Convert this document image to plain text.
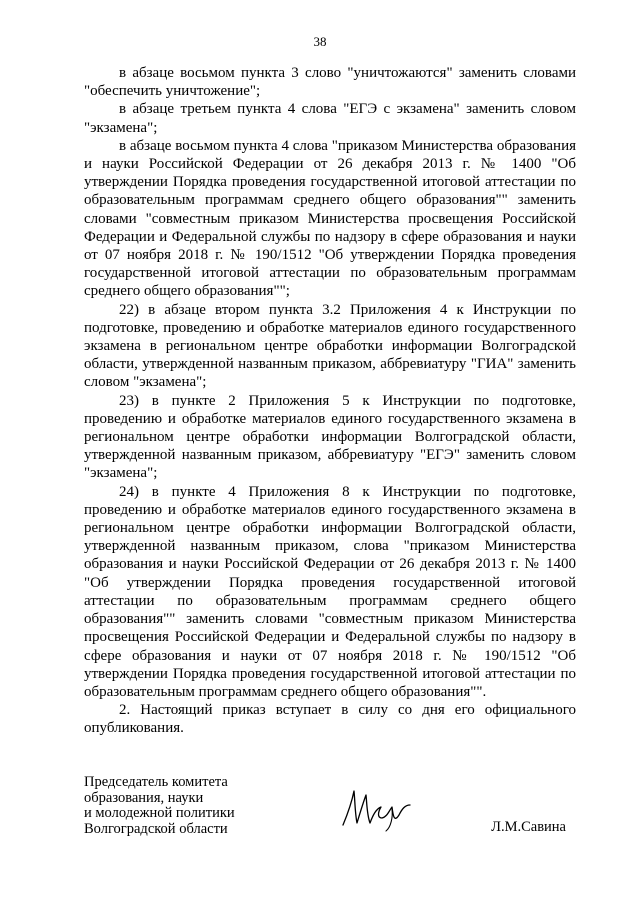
38

в абзаце восьмом пункта 3 слово "уничтожаются" заменить словами "обеспечить уничтожение";

в абзаце третьем пункта 4 слова "ЕГЭ с экзамена" заменить словом "экзамена";

в абзаце восьмом пункта 4 слова "приказом Министерства образования и науки Российской Федерации от 26 декабря 2013 г. № 1400 "Об утверждении Порядка проведения государственной итоговой аттестации по образовательным программам среднего общего образования"" заменить словами "совместным приказом Министерства просвещения Российской Федерации и Федеральной службы по надзору в сфере образования и науки от 07 ноября 2018 г. № 190/1512 "Об утверждении Порядка проведения государственной итоговой аттестации по образовательным программам среднего общего образования"";

22) в абзаце втором пункта 3.2 Приложения 4 к Инструкции по подготовке, проведению и обработке материалов единого государственного экзамена в региональном центре обработки информации Волгоградской области, утвержденной названным приказом, аббревиатуру "ГИА" заменить словом "экзамена";

23) в пункте 2 Приложения 5 к Инструкции по подготовке, проведению и обработке материалов единого государственного экзамена в региональном центре обработки информации Волгоградской области, утвержденной названным приказом, аббревиатуру "ЕГЭ" заменить словом "экзамена";

24) в пункте 4 Приложения 8 к Инструкции по подготовке, проведению и обработке материалов единого государственного экзамена в региональном центре обработки информации Волгоградской области, утвержденной названным приказом, слова "приказом Министерства образования и науки Российской Федерации от 26 декабря 2013 г. № 1400 "Об утверждении Порядка проведения государственной итоговой аттестации по образовательным программам среднего общего образования"" заменить словами "совместным приказом Министерства просвещения Российской Федерации и Федеральной службы по надзору в сфере образования и науки от 07 ноября 2018 г. № 190/1512 "Об утверждении Порядка проведения государственной итоговой аттестации по образовательным программам среднего общего образования"".

2. Настоящий приказ вступает в силу со дня его официального опубликования.

Председатель комитета
образования, науки
и молодежной политики
Волгоградской области	Л.М.Савина
